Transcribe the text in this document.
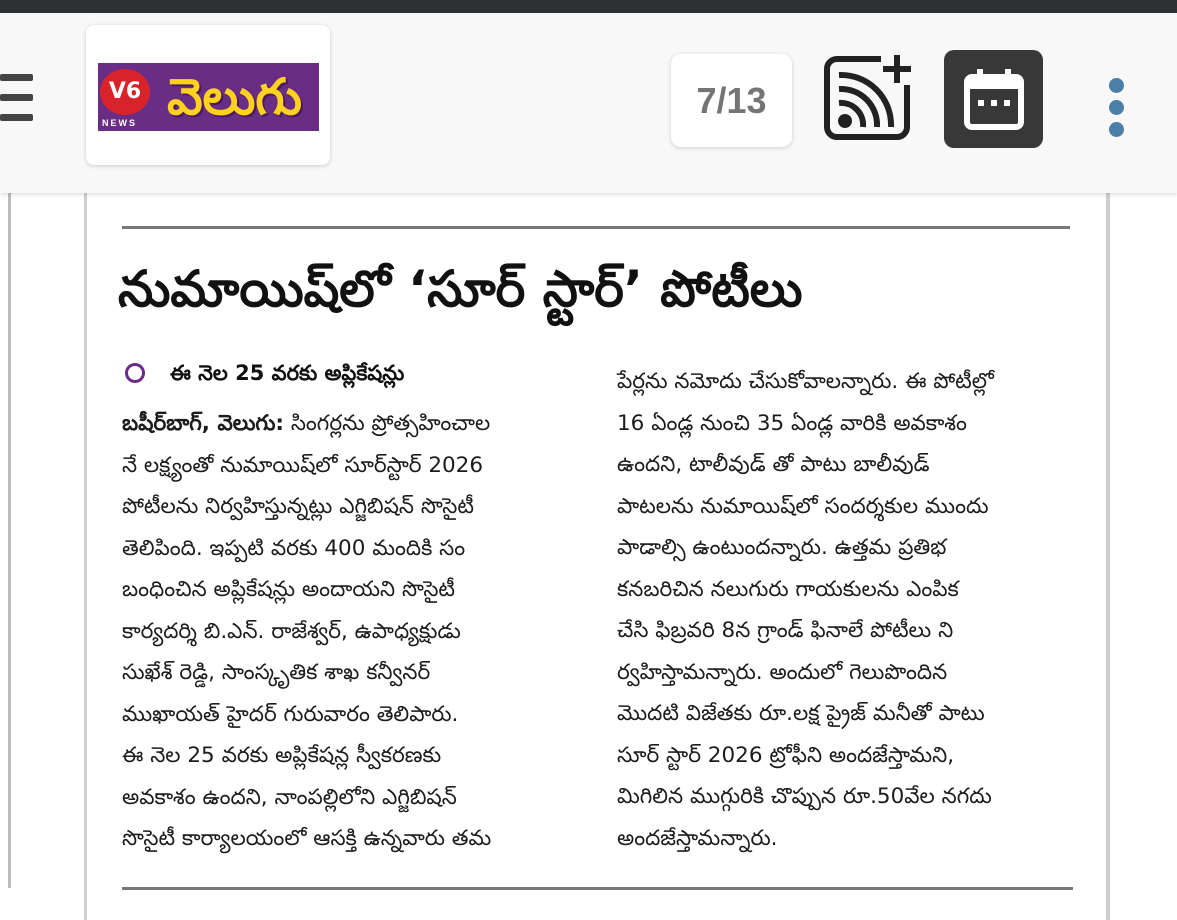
V6
NEWS వెలుగు	7/13
నుమాయిష్‌లో ‘సూర్ స్టార్’ పోటీలు
ఈ నెల 25 వరకు అప్లికేషన్లు
బషీర్‌బాగ్, వెలుగు: సింగర్లను ప్రోత్సహించాల
నే లక్ష్యంతో నుమాయిష్‌లో సూర్‌స్టార్ 2026
పోటీలను నిర్వహిస్తున్నట్లు ఎగ్జిబిషన్ సొసైటీ
తెలిపింది. ఇప్పటి వరకు 400 మందికి సం
బంధించిన అప్లికేషన్లు అందాయని సొసైటీ
కార్యదర్శి బి.ఎన్. రాజేశ్వర్, ఉపాధ్యక్షుడు
సుఖేశ్ రెడ్డి, సాంస్కృతిక శాఖ కన్వీనర్
ముఖాయత్ హైదర్ గురువారం తెలిపారు.
ఈ నెల 25 వరకు అప్లికేషన్ల స్వీకరణకు
అవకాశం ఉందని, నాంపల్లిలోని ఎగ్జిబిషన్
సొసైటీ కార్యాలయంలో ఆసక్తి ఉన్నవారు తమ
పేర్లను నమోదు చేసుకోవాలన్నారు. ఈ పోటీల్లో
16 ఏండ్ల నుంచి 35 ఏండ్ల వారికి అవకాశం
ఉందని, టాలీవుడ్ తో పాటు బాలీవుడ్
పాటలను నుమాయిష్‌లో సందర్శకుల ముందు
పాడాల్సి ఉంటుందన్నారు. ఉత్తమ ప్రతిభ
కనబరిచిన నలుగురు గాయకులను ఎంపిక
చేసి ఫిబ్రవరి 8న గ్రాండ్ ఫినాలే పోటీలు ని
ర్వహిస్తామన్నారు. అందులో గెలుపొందిన
మొదటి విజేతకు రూ.లక్ష ప్రైజ్ మనీతో పాటు
సూర్ స్టార్ 2026 ట్రోఫీని అందజేస్తామని,
మిగిలిన ముగ్గురికి చొప్పున రూ.50వేల నగదు
అందజేస్తామన్నారు.
